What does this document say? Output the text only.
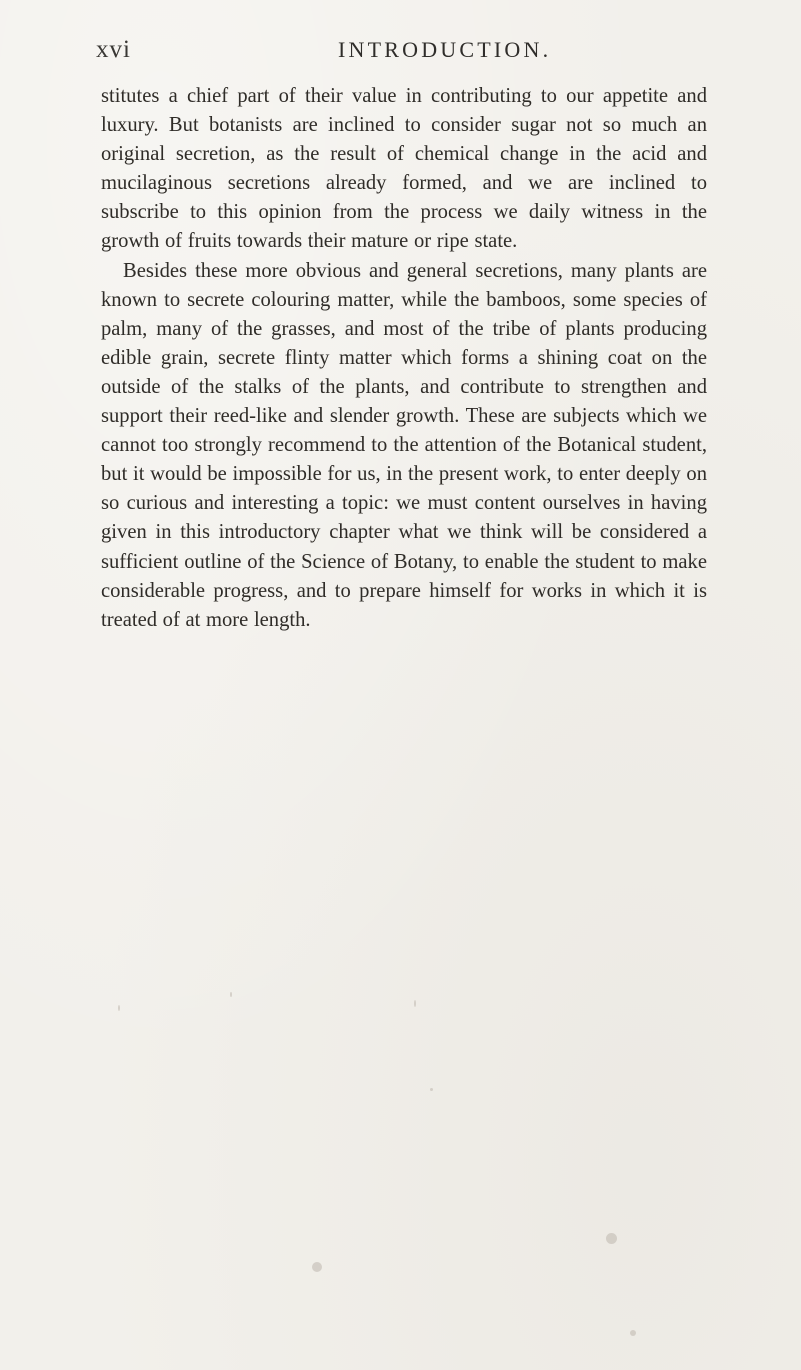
xvi	INTRODUCTION.

stitutes a chief part of their value in contributing to our appetite and luxury. But botanists are inclined to consider sugar not so much an original secretion, as the result of chemical change in the acid and mucilaginous secretions already formed, and we are inclined to subscribe to this opinion from the process we daily witness in the growth of fruits towards their mature or ripe state.

Besides these more obvious and general secretions, many plants are known to secrete colouring matter, while the bamboos, some species of palm, many of the grasses, and most of the tribe of plants producing edible grain, secrete flinty matter which forms a shining coat on the outside of the stalks of the plants, and contribute to strengthen and support their reed-like and slender growth. These are subjects which we cannot too strongly recommend to the attention of the Botanical student, but it would be impossible for us, in the present work, to enter deeply on so curious and interesting a topic: we must content ourselves in having given in this introductory chapter what we think will be considered a sufficient outline of the Science of Botany, to enable the student to make considerable progress, and to prepare himself for works in which it is treated of at more length.
